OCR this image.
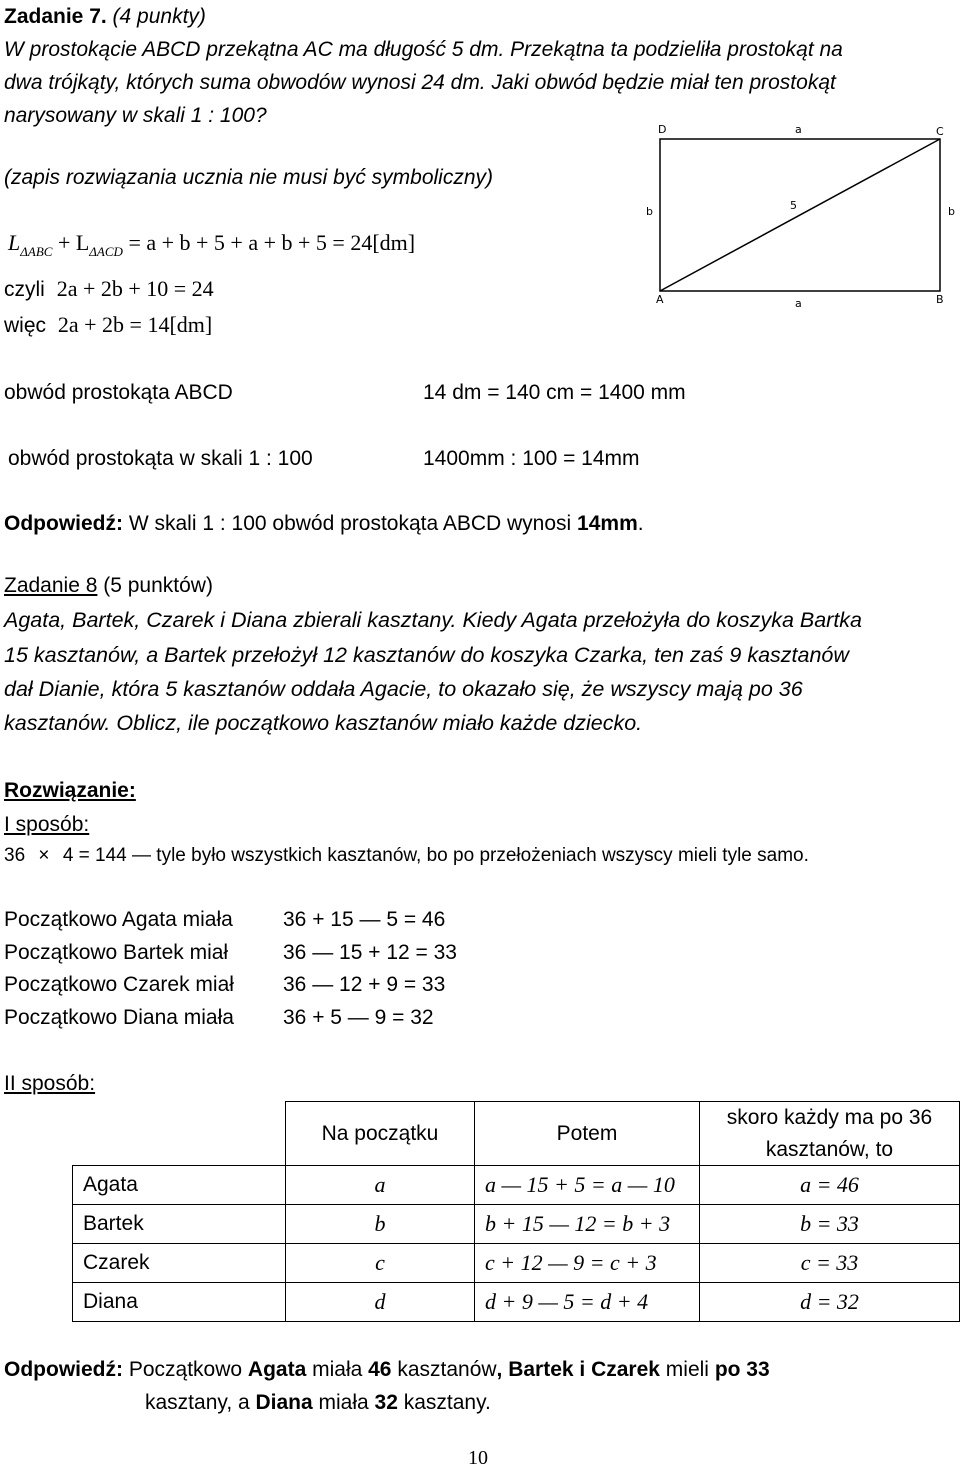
Zadanie 7. (4 punkty)
W prostokącie ABCD przekątna AC ma długość 5 dm. Przekątna ta podzieliła prostokąt na
dwa trójkąty, których suma obwodów wynosi 24 dm. Jaki obwód będzie miał ten prostokąt
narysowany w skali 1 : 100?
(zapis rozwiązania ucznia nie musi być symboliczny)
D	C
A	B
a
a
b	b
5
$L_{\Delta ABC} + L_{\Delta ACD} = a + b + 5 + a + b + 5 = 24[dm]$
czyli 2a + 2b + 10 = 24
więc 2a + 2b = 14[dm]
obwód prostokąta ABCD	14 dm = 140 cm = 1400 mm
obwód prostokąta w skali 1 : 100	1400mm : 100 = 14mm
Odpowiedź: W skali 1 : 100 obwód prostokąta ABCD wynosi 14mm.
Zadanie 8 (5 punktów)
Agata, Bartek, Czarek i Diana zbierali kasztany. Kiedy Agata przełożyła do koszyka Bartka
15 kasztanów, a Bartek przełożył 12 kasztanów do koszyka Czarka, ten zaś 9 kasztanów
dał Dianie, która 5 kasztanów oddała Agacie, to okazało się, że wszyscy mają po 36
kasztanów. Oblicz, ile początkowo kasztanów miało każde dziecko.
Rozwiązanie:
I sposób:
36 × 4 = 144 — tyle było wszystkich kasztanów, bo po przełożeniach wszyscy mieli tyle samo.
Początkowo Agata miała 36 + 15 — 5 = 46
Początkowo Bartek miał	36 — 15 + 12 = 33
Początkowo Czarek miał 36 — 12 + 9 = 33
Początkowo Diana miała 36 + 5 — 9 = 32
II sposób:
	Na początku	Potem	skoro każdy ma po 36 kasztanów, to
Agata	a	a — 15 + 5 = a — 10	a = 46
Bartek	b	b + 15 — 12 = b + 3	b = 33
Czarek	c	c + 12 — 9 = c + 3	c = 33
Diana	d	d + 9 — 5 = d + 4	d = 32
Odpowiedź: Początkowo Agata miała 46 kasztanów, Bartek i Czarek mieli po 33
kasztany, a Diana miała 32 kasztany.
10
